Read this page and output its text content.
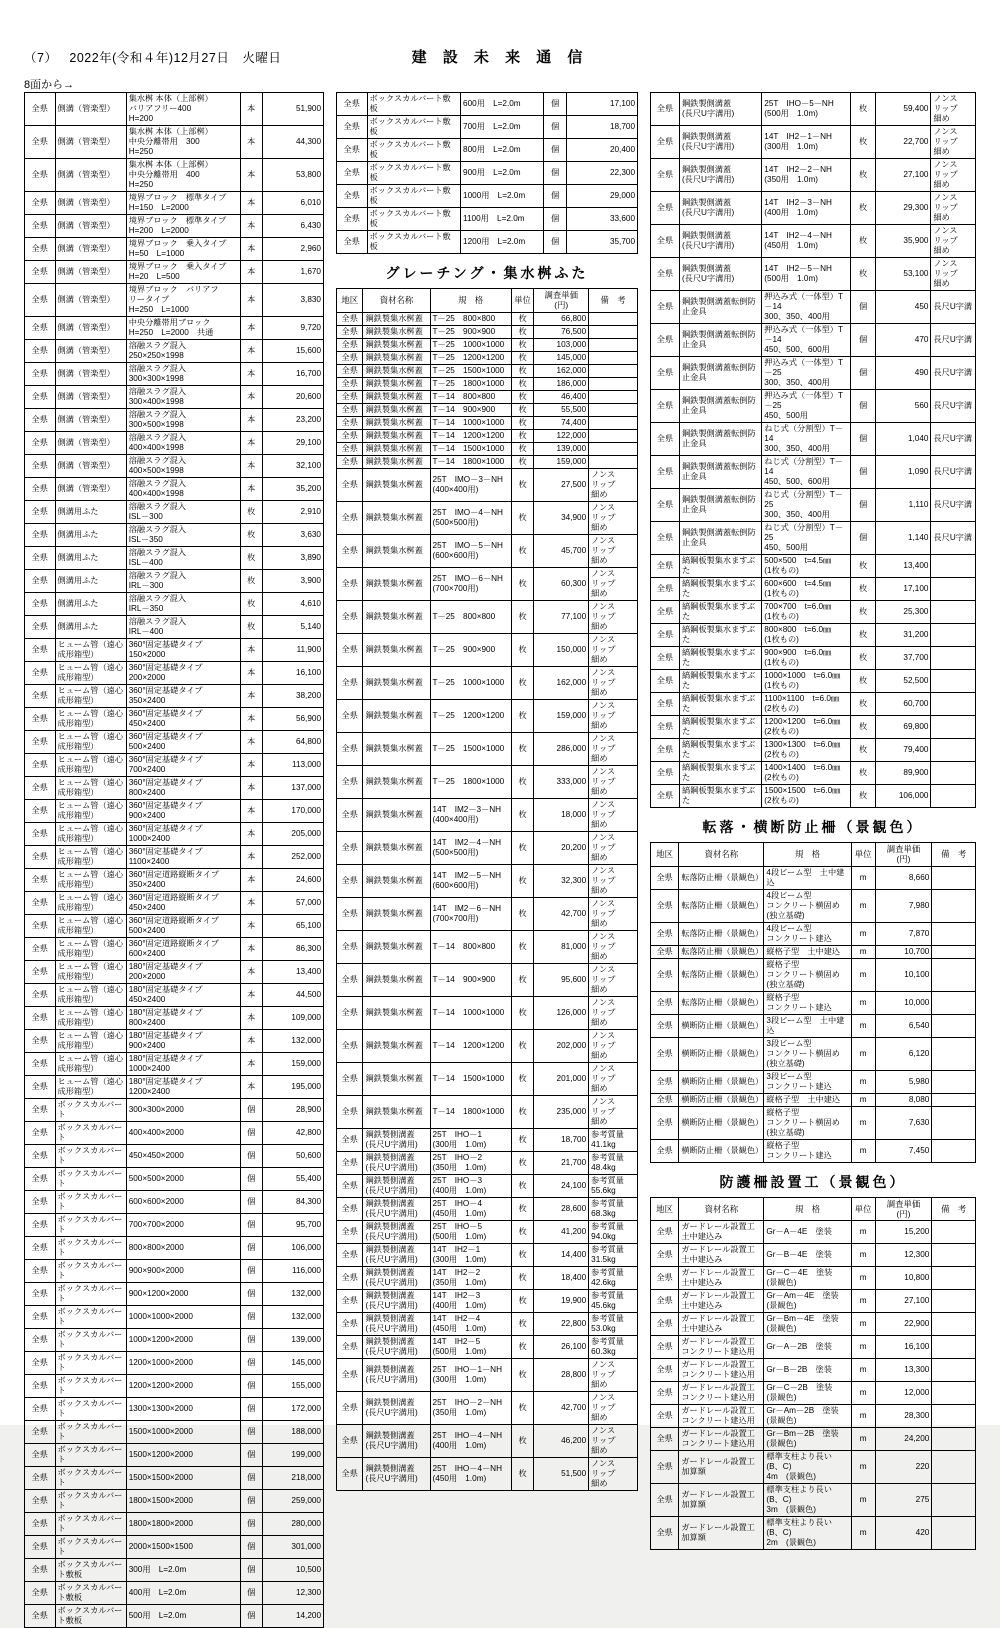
（7） 2022年(令和４年)12月27日　火曜日	建 設 未 来 通 信
8面から→
全県	側溝（管楽型）	集水桝 本体（上部桝）
バリアフリー400
H=200	本	51,900
全県	側溝（管楽型）	集水桝 本体（上部桝）
中央分離帯用　300
H=250	本	44,300
全県	側溝（管楽型）	集水桝 本体（上部桝）
中央分離帯用　400
H=250	本	53,800
全県	側溝（管楽型）	境界ブロック　標準タイプ
H=150　L=2000	本	6,010
全県	側溝（管楽型）	境界ブロック　標準タイプ
H=200　L=2000	本	6,430
全県	側溝（管楽型）	境界ブロック　乗入タイプ
H=50　L=1000	本	2,960
全県	側溝（管楽型）	境界ブロック　乗入タイプ
H=20　L=500	本	1,670
全県	側溝（管楽型）	境界ブロック　バリアフ
リータイプ
H=250　L=1000	本	3,830
全県	側溝（管楽型）	中央分離帯用ブロック
H=250　L=2000　共通	本	9,720
全県	側溝（管楽型）	溶融スラグ混入
250×250×1998	本	15,600
全県	側溝（管楽型）	溶融スラグ混入
300×300×1998	本	16,700
全県	側溝（管楽型）	溶融スラグ混入
300×400×1998	本	20,600
全県	側溝（管楽型）	溶融スラグ混入
300×500×1998	本	23,200
全県	側溝（管楽型）	溶融スラグ混入
400×400×1998	本	29,100
全県	側溝（管楽型）	溶融スラグ混入
400×500×1998	本	32,100
全県	側溝（管楽型）	溶融スラグ混入
400×400×1998	本	35,200
全県	側溝用ふた	溶融スラグ混入
ISL－300	枚	2,910
全県	側溝用ふた	溶融スラグ混入
ISL－350	枚	3,630
全県	側溝用ふた	溶融スラグ混入
ISL－400	枚	3,890
全県	側溝用ふた	溶融スラグ混入
IRL－300	枚	3,900
全県	側溝用ふた	溶融スラグ混入
IRL－350	枚	4,610
全県	側溝用ふた	溶融スラグ混入
IRL－400	枚	5,140
全県	ヒューム管（遠心成形箱型）	360°固定基礎タイプ
150×2000	本	11,900
全県	ヒューム管（遠心成形箱型）	360°固定基礎タイプ
200×2000	本	16,100
全県	ヒューム管（遠心成形箱型）	360°固定基礎タイプ
350×2400	本	38,200
全県	ヒューム管（遠心成形箱型）	360°固定基礎タイプ
450×2400	本	56,900
全県	ヒューム管（遠心成形箱型）	360°固定基礎タイプ
500×2400	本	64,800
全県	ヒューム管（遠心成形箱型）	360°固定基礎タイプ
700×2400	本	113,000
全県	ヒューム管（遠心成形箱型）	360°固定基礎タイプ
800×2400	本	137,000
全県	ヒューム管（遠心成形箱型）	360°固定基礎タイプ
900×2400	本	170,000
全県	ヒューム管（遠心成形箱型）	360°固定基礎タイプ
1000×2400	本	205,000
全県	ヒューム管（遠心成形箱型）	360°固定基礎タイプ
1100×2400	本	252,000
全県	ヒューム管（遠心成形箱型）	360°固定道路縦断タイプ
350×2400	本	24,600
全県	ヒューム管（遠心成形箱型）	360°固定道路縦断タイプ
450×2400	本	57,000
全県	ヒューム管（遠心成形箱型）	360°固定道路縦断タイプ
500×2400	本	65,100
全県	ヒューム管（遠心成形箱型）	360°固定道路縦断タイプ
600×2400	本	86,300
全県	ヒューム管（遠心成形箱型）	180°固定基礎タイプ
200×2000	本	13,400
全県	ヒューム管（遠心成形箱型）	180°固定基礎タイプ
450×2400	本	44,500
全県	ヒューム管（遠心成形箱型）	180°固定基礎タイプ
800×2400	本	109,000
全県	ヒューム管（遠心成形箱型）	180°固定基礎タイプ
900×2400	本	132,000
全県	ヒューム管（遠心成形箱型）	180°固定基礎タイプ
1000×2400	本	159,000
全県	ヒューム管（遠心成形箱型）	180°固定基礎タイプ
1200×2400	本	195,000
全県	ボックスカルバート	300×300×2000	個	28,900
全県	ボックスカルバート	400×400×2000	個	42,800
全県	ボックスカルバート	450×450×2000	個	50,600
全県	ボックスカルバート	500×500×2000	個	55,400
全県	ボックスカルバート	600×600×2000	個	84,300
全県	ボックスカルバート	700×700×2000	個	95,700
全県	ボックスカルバート	800×800×2000	個	106,000
全県	ボックスカルバート	900×900×2000	個	116,000
全県	ボックスカルバート	900×1200×2000	個	132,000
全県	ボックスカルバート	1000×1000×2000	個	132,000
全県	ボックスカルバート	1000×1200×2000	個	139,000
全県	ボックスカルバート	1200×1000×2000	個	145,000
全県	ボックスカルバート	1200×1200×2000	個	155,000
全県	ボックスカルバート	1300×1300×2000	個	172,000
全県	ボックスカルバート	1500×1000×2000	個	188,000
全県	ボックスカルバート	1500×1200×2000	個	199,000
全県	ボックスカルバート	1500×1500×2000	個	218,000
全県	ボックスカルバート	1800×1500×2000	個	259,000
全県	ボックスカルバート	1800×1800×2000	個	280,000
全県	ボックスカルバート	2000×1500×1500	個	301,000
全県	ボックスカルバート敷板	300用　L=2.0m	個	10,500
全県	ボックスカルバート敷板	400用　L=2.0m	個	12,300
全県	ボックスカルバート敷板	500用　L=2.0m	個	14,200
全県	ボックスカルバート敷板	600用　L=2.0m	個	17,100
全県	ボックスカルバート敷板	700用　L=2.0m	個	18,700
全県	ボックスカルバート敷板	800用　L=2.0m	個	20,400
全県	ボックスカルバート敷板	900用　L=2.0m	個	22,300
全県	ボックスカルバート敷板	1000用　L=2.0m	個	29,000
全県	ボックスカルバート敷板	1100用　L=2.0m	個	33,600
全県	ボックスカルバート敷板	1200用　L=2.0m	個	35,700
グレーチング・集水桝ふた
地区	資材名称	規　格	単位	調査単価
(円)	備　考
全県	鋼鉄製集水桝蓋	T－25　800×800	枚	66,800	
全県	鋼鉄製集水桝蓋	T－25　900×900	枚	76,500	
全県	鋼鉄製集水桝蓋	T－25　1000×1000	枚	103,000	
全県	鋼鉄製集水桝蓋	T－25　1200×1200	枚	145,000	
全県	鋼鉄製集水桝蓋	T－25　1500×1000	枚	162,000	
全県	鋼鉄製集水桝蓋	T－25　1800×1000	枚	186,000	
全県	鋼鉄製集水桝蓋	T－14　800×800	枚	46,400	
全県	鋼鉄製集水桝蓋	T－14　900×900	枚	55,500	
全県	鋼鉄製集水桝蓋	T－14　1000×1000	枚	74,400	
全県	鋼鉄製集水桝蓋	T－14　1200×1200	枚	122,000	
全県	鋼鉄製集水桝蓋	T－14　1500×1000	枚	139,000	
全県	鋼鉄製集水桝蓋	T－14　1800×1000	枚	159,000	
全県	鋼鉄製集水桝蓋	25T　IMO－3－NH
(400×400用)	枚	27,500	ノンス
リップ
細め
全県	鋼鉄製集水桝蓋	25T　IMO－4－NH
(500×500用)	枚	34,900	ノンス
リップ
細め
全県	鋼鉄製集水桝蓋	25T　IMO－5－NH
(600×600用)	枚	45,700	ノンス
リップ
細め
全県	鋼鉄製集水桝蓋	25T　IMO－6－NH
(700×700用)	枚	60,300	ノンス
リップ
細め
全県	鋼鉄製集水桝蓋	T－25　800×800	枚	77,100	ノンス
リップ
細め
全県	鋼鉄製集水桝蓋	T－25　900×900	枚	150,000	ノンス
リップ
細め
全県	鋼鉄製集水桝蓋	T－25　1000×1000	枚	162,000	ノンス
リップ
細め
全県	鋼鉄製集水桝蓋	T－25　1200×1200	枚	159,000	ノンス
リップ
細め
全県	鋼鉄製集水桝蓋	T－25　1500×1000	枚	286,000	ノンス
リップ
細め
全県	鋼鉄製集水桝蓋	T－25　1800×1000	枚	333,000	ノンス
リップ
細め
全県	鋼鉄製集水桝蓋	14T　IM2－3－NH
(400×400用)	枚	18,000	ノンス
リップ
細め
全県	鋼鉄製集水桝蓋	14T　IM2－4－NH
(500×500用)	枚	20,200	ノンス
リップ
細め
全県	鋼鉄製集水桝蓋	14T　IM2－5－NH
(600×600用)	枚	32,300	ノンス
リップ
細め
全県	鋼鉄製集水桝蓋	14T　IM2－6－NH
(700×700用)	枚	42,700	ノンス
リップ
細め
全県	鋼鉄製集水桝蓋	T－14　800×800	枚	81,000	ノンス
リップ
細め
全県	鋼鉄製集水桝蓋	T－14　900×900	枚	95,600	ノンス
リップ
細め
全県	鋼鉄製集水桝蓋	T－14　1000×1000	枚	126,000	ノンス
リップ
細め
全県	鋼鉄製集水桝蓋	T－14　1200×1200	枚	202,000	ノンス
リップ
細め
全県	鋼鉄製集水桝蓋	T－14　1500×1000	枚	201,000	ノンス
リップ
細め
全県	鋼鉄製集水桝蓋	T－14　1800×1000	枚	235,000	ノンス
リップ
細め
全県	鋼鉄製側溝蓋
(長尺U字溝用)	25T　IHO－1
(300用　1.0m)	枚	18,700	参考質量
41.1kg
全県	鋼鉄製側溝蓋
(長尺U字溝用)	25T　IHO－2
(350用　1.0m)	枚	21,700	参考質量
48.4kg
全県	鋼鉄製側溝蓋
(長尺U字溝用)	25T　IHO－3
(400用　1.0m)	枚	24,100	参考質量
55.6kg
全県	鋼鉄製側溝蓋
(長尺U字溝用)	25T　IHO－4
(450用　1.0m)	枚	28,600	参考質量
68.3kg
全県	鋼鉄製側溝蓋
(長尺U字溝用)	25T　IHO－5
(500用　1.0m)	枚	41,200	参考質量
94.0kg
全県	鋼鉄製側溝蓋
(長尺U字溝用)	14T　IH2－1
(300用　1.0m)	枚	14,400	参考質量
31.5kg
全県	鋼鉄製側溝蓋
(長尺U字溝用)	14T　IH2－2
(350用　1.0m)	枚	18,400	参考質量
42.6kg
全県	鋼鉄製側溝蓋
(長尺U字溝用)	14T　IH2－3
(400用　1.0m)	枚	19,900	参考質量
45.6kg
全県	鋼鉄製側溝蓋
(長尺U字溝用)	14T　IH2－4
(450用　1.0m)	枚	22,800	参考質量
53.0kg
全県	鋼鉄製側溝蓋
(長尺U字溝用)	14T　IH2－5
(500用　1.0m)	枚	26,100	参考質量
60.3kg
全県	鋼鉄製側溝蓋
(長尺U字溝用)	25T　IHO－1－NH
(300用　1.0m)	枚	28,800	ノンス
リップ
細め
全県	鋼鉄製側溝蓋
(長尺U字溝用)	25T　IHO－2－NH
(350用　1.0m)	枚	42,700	ノンス
リップ
細め
全県	鋼鉄製側溝蓋
(長尺U字溝用)	25T　IHO－4－NH
(400用　1.0m)	枚	46,200	ノンス
リップ
細め
全県	鋼鉄製側溝蓋
(長尺U字溝用)	25T　IHO－4－NH
(450用　1.0m)	枚	51,500	ノンス
リップ
細め
全県	鋼鉄製側溝蓋
(長尺U字溝用)	25T　IHO－5－NH
(500用　1.0m)	枚	59,400	ノンス
リップ
細め
全県	鋼鉄製側溝蓋
(長尺U字溝用)	14T　IH2－1－NH
(300用　1.0m)	枚	22,700	ノンス
リップ
細め
全県	鋼鉄製側溝蓋
(長尺U字溝用)	14T　IH2－2－NH
(350用　1.0m)	枚	27,100	ノンス
リップ
細め
全県	鋼鉄製側溝蓋
(長尺U字溝用)	14T　IH2－3－NH
(400用　1.0m)	枚	29,300	ノンス
リップ
細め
全県	鋼鉄製側溝蓋
(長尺U字溝用)	14T　IH2－4－NH
(450用　1.0m)	枚	35,900	ノンス
リップ
細め
全県	鋼鉄製側溝蓋
(長尺U字溝用)	14T　IH2－5－NH
(500用　1.0m)	枚	53,100	ノンス
リップ
細め
全県	鋼鉄製側溝蓋転倒防止金具	押込み式（一体型）T－14
300、350、400用	個	450	長尺U字溝
全県	鋼鉄製側溝蓋転倒防止金具	押込み式（一体型）T－14
450、500、600用	個	470	長尺U字溝
全県	鋼鉄製側溝蓋転倒防止金具	押込み式（一体型）T－25
300、350、400用	個	490	長尺U字溝
全県	鋼鉄製側溝蓋転倒防止金具	押込み式（一体型）T－25
450、500用	個	560	長尺U字溝
全県	鋼鉄製側溝蓋転倒防止金具	ねじ式（分割型）T－14
300、350、400用	個	1,040	長尺U字溝
全県	鋼鉄製側溝蓋転倒防止金具	ねじ式（分割型）T－14
450、500、600用	個	1,090	長尺U字溝
全県	鋼鉄製側溝蓋転倒防止金具	ねじ式（分割型）T－25
300、350、400用	個	1,110	長尺U字溝
全県	鋼鉄製側溝蓋転倒防止金具	ねじ式（分割型）T－25
450、500用	個	1,140	長尺U字溝
全県	縞鋼板製集水ますぶた	500×500　t=4.5㎜
(1枚もの)	枚	13,400	
全県	縞鋼板製集水ますぶた	600×600　t=4.5㎜
(1枚もの)	枚	17,100	
全県	縞鋼板製集水ますぶた	700×700　t=6.0㎜
(1枚もの)	枚	25,300	
全県	縞鋼板製集水ますぶた	800×800　t=6.0㎜
(1枚もの)	枚	31,200	
全県	縞鋼板製集水ますぶた	900×900　t=6.0㎜
(1枚もの)	枚	37,700	
全県	縞鋼板製集水ますぶた	1000×1000　t=6.0㎜
(1枚もの)	枚	52,500	
全県	縞鋼板製集水ますぶた	1100×1100　t=6.0㎜
(2枚もの)	枚	60,700	
全県	縞鋼板製集水ますぶた	1200×1200　t=6.0㎜
(2枚もの)	枚	69,800	
全県	縞鋼板製集水ますぶた	1300×1300　t=6.0㎜
(2枚もの)	枚	79,400	
全県	縞鋼板製集水ますぶた	1400×1400　t=6.0㎜
(2枚もの)	枚	89,900	
全県	縞鋼板製集水ますぶた	1500×1500　t=6.0㎜
(2枚もの)	枚	106,000	
転落・横断防止柵（景観色）
地区	資材名称	規　格	単位	調査単価
(円)	備　考
全県	転落防止柵（景観色）	4段ビーム型　土中建込	m	8,660	
全県	転落防止柵（景観色）	4段ビーム型
コンクリート横固め
(独立基礎)	m	7,980	
全県	転落防止柵（景観色）	4段ビーム型
コンクリート建込	m	7,870	
全県	転落防止柵（景観色）	縦格子型　土中建込	m	10,700	
全県	転落防止柵（景観色）	縦格子型
コンクリート横固め
(独立基礎)	m	10,100	
全県	転落防止柵（景観色）	縦格子型
コンクリート建込	m	10,000	
全県	横断防止柵（景観色）	3段ビーム型　土中建込	m	6,540	
全県	横断防止柵（景観色）	3段ビーム型
コンクリート横固め
(独立基礎)	m	6,120	
全県	横断防止柵（景観色）	3段ビーム型
コンクリート建込	m	5,980	
全県	横断防止柵（景観色）	縦格子型　土中建込	m	8,080	
全県	横断防止柵（景観色）	縦格子型
コンクリート横固め
(独立基礎)	m	7,630	
全県	横断防止柵（景観色）	縦格子型
コンクリート建込	m	7,450	
防護柵設置工（景観色）
地区	資材名称	規　格	単位	調査単価
(円)	備　考
全県	ガードレール設置工
土中建込み	Gr－A－4E　塗装	m	15,200	
全県	ガードレール設置工
土中建込み	Gr－B－4E　塗装	m	12,300	
全県	ガードレール設置工
土中建込み	Gr－C－4E　塗装
(景観色)	m	10,800	
全県	ガードレール設置工
土中建込み	Gr－Am－4E　塗装
(景観色)	m	27,100	
全県	ガードレール設置工
土中建込み	Gr－Bm－4E　塗装
(景観色)	m	22,900	
全県	ガードレール設置工
コンクリート建込用	Gr－A－2B　塗装	m	16,100	
全県	ガードレール設置工
コンクリート建込用	Gr－B－2B　塗装	m	13,300	
全県	ガードレール設置工
コンクリート建込用	Gr－C－2B　塗装
(景観色)	m	12,000	
全県	ガードレール設置工
コンクリート建込用	Gr－Am－2B　塗装
(景観色)	m	28,300	
全県	ガードレール設置工
コンクリート建込用	Gr－Bm－2B　塗装
(景観色)	m	24,200	
全県	ガードレール設置工
加算額	標準支柱より長い (B、C)
4m　(景観色)	m	220	
全県	ガードレール設置工
加算額	標準支柱より長い (B、C)
3m　(景観色)	m	275	
全県	ガードレール設置工
加算額	標準支柱より長い (B、C)
2m　(景観色)	m	420	
